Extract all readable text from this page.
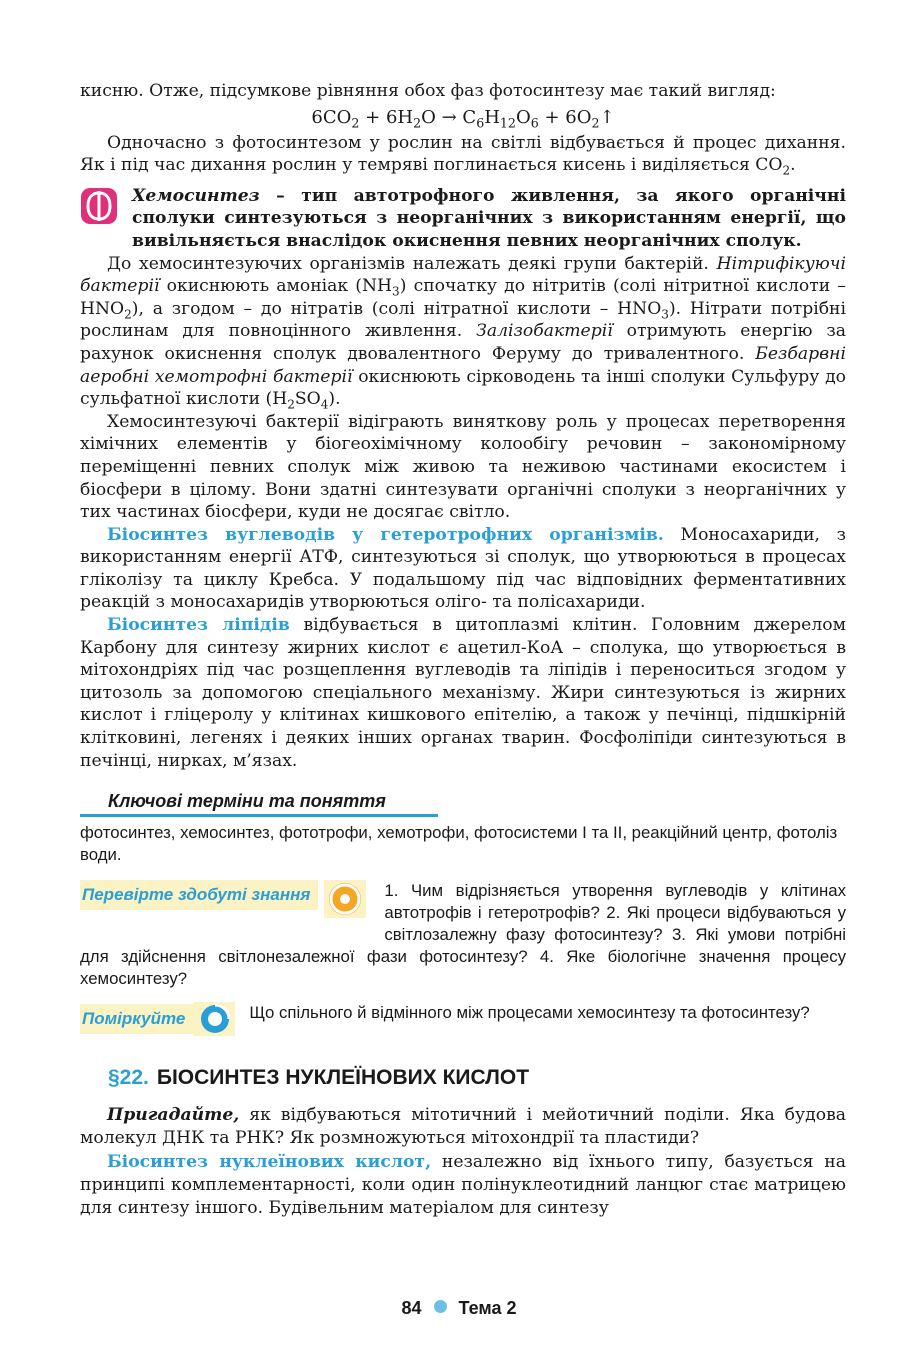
кисню. Отже, підсумкове рівняння обох фаз фотосинтезу має такий вигляд:

$6CO_2 + 6H_2O \to C_6H_{12}O_6$ + $6O_2↑$

Одночасно з фотосинтезом у рослин на світлі відбувається й процес дихання. Як і під час дихання рослин у темряві поглинається кисень і виділяється $CO_2$.

Хемосинтез – тип автотрофного живлення, за якого органічні сполуки синтезуються з неорганічних з використанням енергії, що вивільняється внаслідок окиснення певних неорганічних сполук.

До хемосинтезуючих організмів належать деякі групи бактерій. Нітрифікуючі бактерії окиснюють амоніак $(NH_3)$ спочатку до нітритів (солі нітритної кислоти – $HNO_2$), а згодом – до нітратів (солі нітратної кислоти – $HNO_3$). Нітрати потрібні рослинам для повноцінного живлення. Залізобактерії отримують енергію за рахунок окиснення сполук двовалентного Феруму до тривалентного. Безбарвні аеробні хемотрофні бактерії окиснюють сірководень та інші сполуки Сульфуру до сульфатної кислоти $(H_2SO_4)$.

Хемосинтезуючі бактерії відіграють виняткову роль у процесах перетворення хімічних елементів у біогеохімічному колообігу речовин – закономірному переміщенні певних сполук між живою та неживою частинами екосистем і біосфери в цілому. Вони здатні синтезувати органічні сполуки з неорганічних у тих частинах біосфери, куди не досягає світло.

Біосинтез вуглеводів у гетеротрофних організмів. Моносахариди, з використанням енергії АТФ, синтезуються зі сполук, що утворюються в процесах гліколізу та циклу Кребса. У подальшому під час відповідних ферментативних реакцій з моносахаридів утворюються оліго- та полісахариди.

Біосинтез ліпідів відбувається в цитоплазмі клітин. Головним джерелом Карбону для синтезу жирних кислот є ацетил-КоА – сполука, що утворюється в мітохондріях під час розщеплення вуглеводів та ліпідів і переноситься згодом у цитозоль за допомогою спеціального механізму. Жири синтезуються із жирних кислот і гліцеролу у клітинах кишкового епітелію, а також у печінці, підшкірній клітковині, легенях і деяких інших органах тварин. Фосфоліпіди синтезуються в печінці, нирках, м’язах.

Ключові терміни та поняття
фотосинтез, хемосинтез, фототрофи, хемотрофи, фотосистеми I та II, реакційний центр, фотоліз води.
Перевірте здобуті знання	1. Чим відрізняється утворення вуглеводів у клітинах автотрофів і гетеротрофів? 2. Які процеси відбуваються у світлозалежну фазу фотосинтезу? 3. Які умови потрібні для здійснення світлонезалежної фази фотосинтезу? 4. Яке біологічне значення процесу хемосинтезу?
Поміркуйте	Що спільного й відмінного між процесами хемосинтезу та фотосинтезу?
§22. БІОСИНТЕЗ НУКЛЕЇНОВИХ КИСЛОТ

Пригадайте, як відбуваються мітотичний і мейотичний поділи. Яка будова молекул ДНК та РНК? Як розмножуються мітохондрії та пластиди?

Біосинтез нуклеїнових кислот, незалежно від їхнього типу, базується на принципі комплементарності, коли один полінуклеотидний ланцюг стає матрицею для синтезу іншого. Будівельним матеріалом для синтезу

84 Тема 2
